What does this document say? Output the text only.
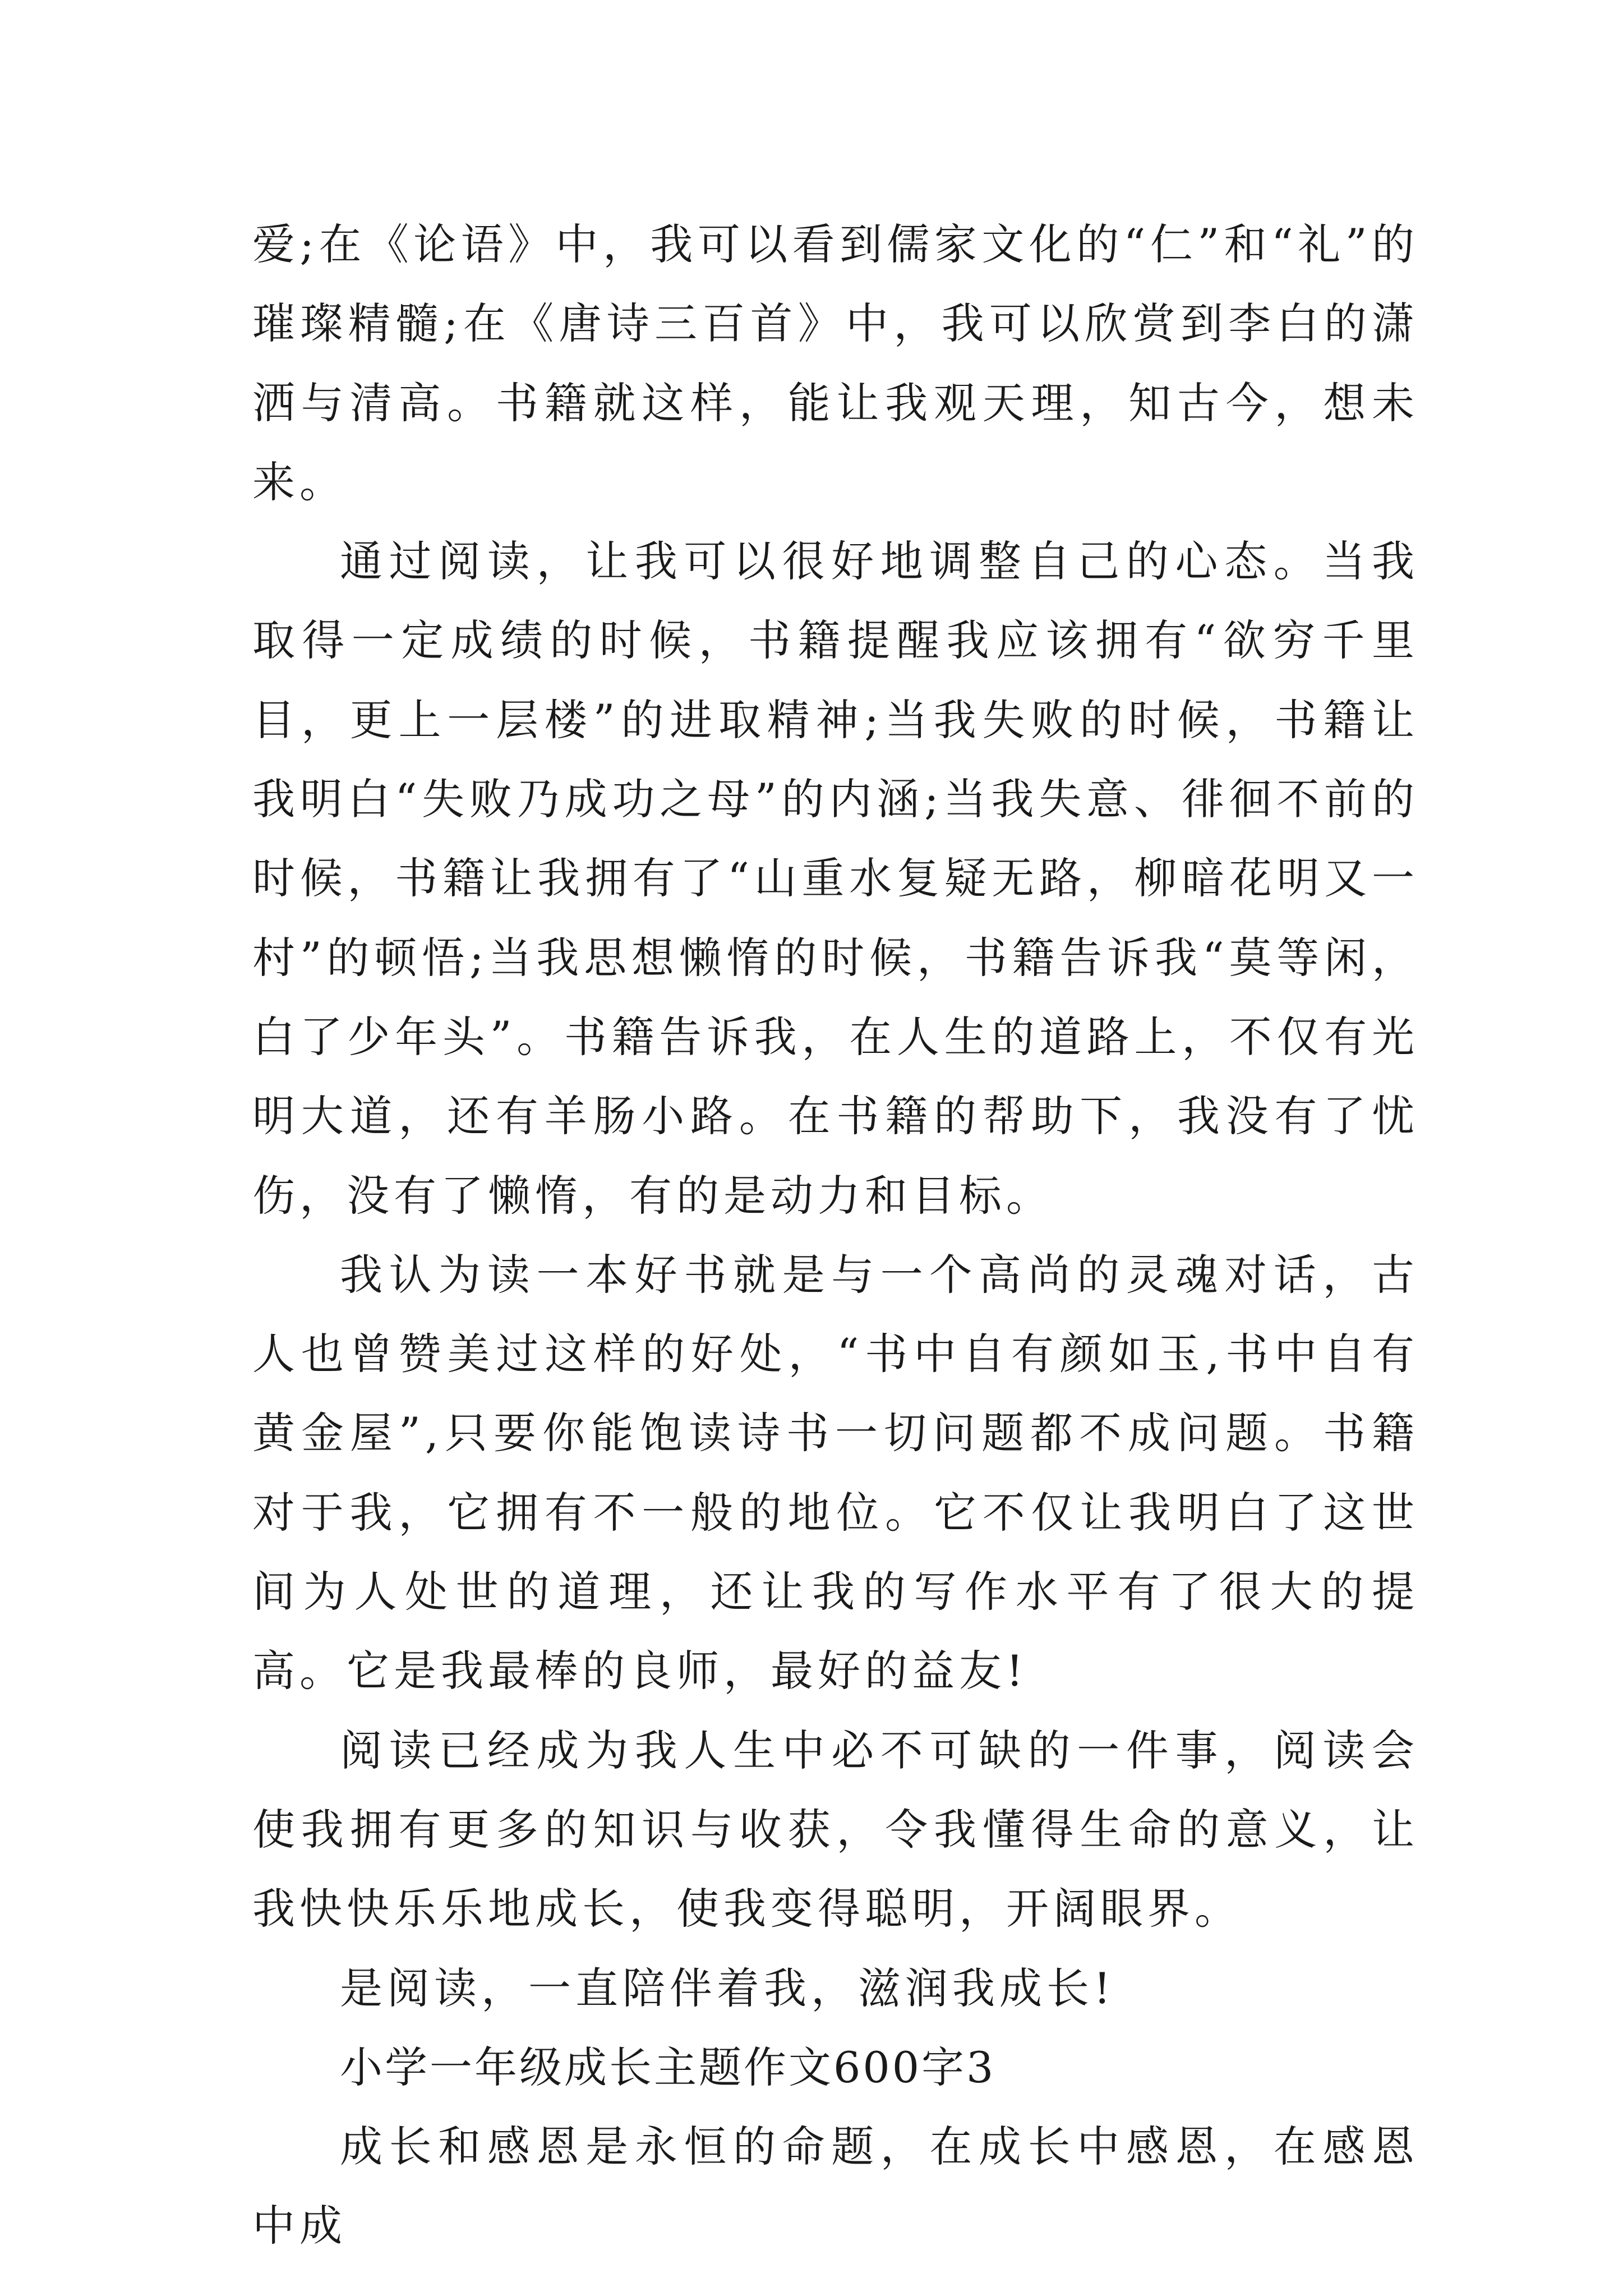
爱;在《论语》中，我可以看到儒家文化的“仁”和“礼”的璀璨精髓;在《唐诗三百首》中，我可以欣赏到李白的潇洒与清高。书籍就这样，能让我观天理，知古今，想未来。

通过阅读，让我可以很好地调整自己的心态。当我取得一定成绩的时候，书籍提醒我应该拥有“欲穷千里目，更上一层楼”的进取精神;当我失败的时候，书籍让我明白“失败乃成功之母”的内涵;当我失意、徘徊不前的时候，书籍让我拥有了“山重水复疑无路，柳暗花明又一村”的顿悟;当我思想懒惰的时候，书籍告诉我“莫等闲，白了少年头”。书籍告诉我，在人生的道路上，不仅有光明大道，还有羊肠小路。在书籍的帮助下，我没有了忧伤，没有了懒惰，有的是动力和目标。

我认为读一本好书就是与一个高尚的灵魂对话，古人也曾赞美过这样的好处，“书中自有颜如玉,书中自有黄金屋”,只要你能饱读诗书一切问题都不成问题。书籍对于我，它拥有不一般的地位。它不仅让我明白了这世间为人处世的道理，还让我的写作水平有了很大的提高。它是我最棒的良师，最好的益友!

阅读已经成为我人生中必不可缺的一件事，阅读会使我拥有更多的知识与收获，令我懂得生命的意义，让我快快乐乐地成长，使我变得聪明，开阔眼界。

是阅读，一直陪伴着我，滋润我成长!

小学一年级成长主题作文600字3

成长和感恩是永恒的命题，在成长中感恩，在感恩中成
